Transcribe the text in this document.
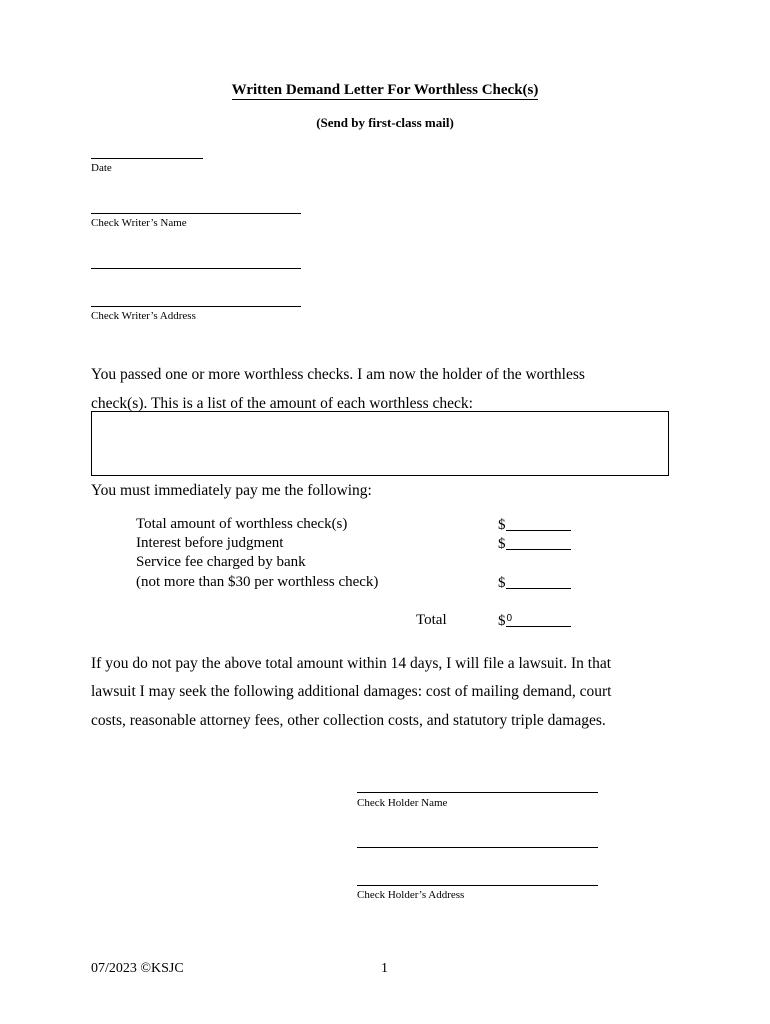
Written Demand Letter For Worthless Check(s)
(Send by first-class mail)
Date
Check Writer’s Name
Check Writer’s Address
You passed one or more worthless checks. I am now the holder of the worthless
check(s). This is a list of the amount of each worthless check:
You must immediately pay me the following:
Total amount of worthless check(s)	$
Interest before judgment	$
Service fee charged by bank
(not more than $30 per worthless check)	$
Total	$ 0
If you do not pay the above total amount within 14 days, I will file a lawsuit. In that
lawsuit I may seek the following additional damages: cost of mailing demand, court
costs, reasonable attorney fees, other collection costs, and statutory triple damages.
Check Holder Name
Check Holder’s Address
07/2023 ©KSJC	1
